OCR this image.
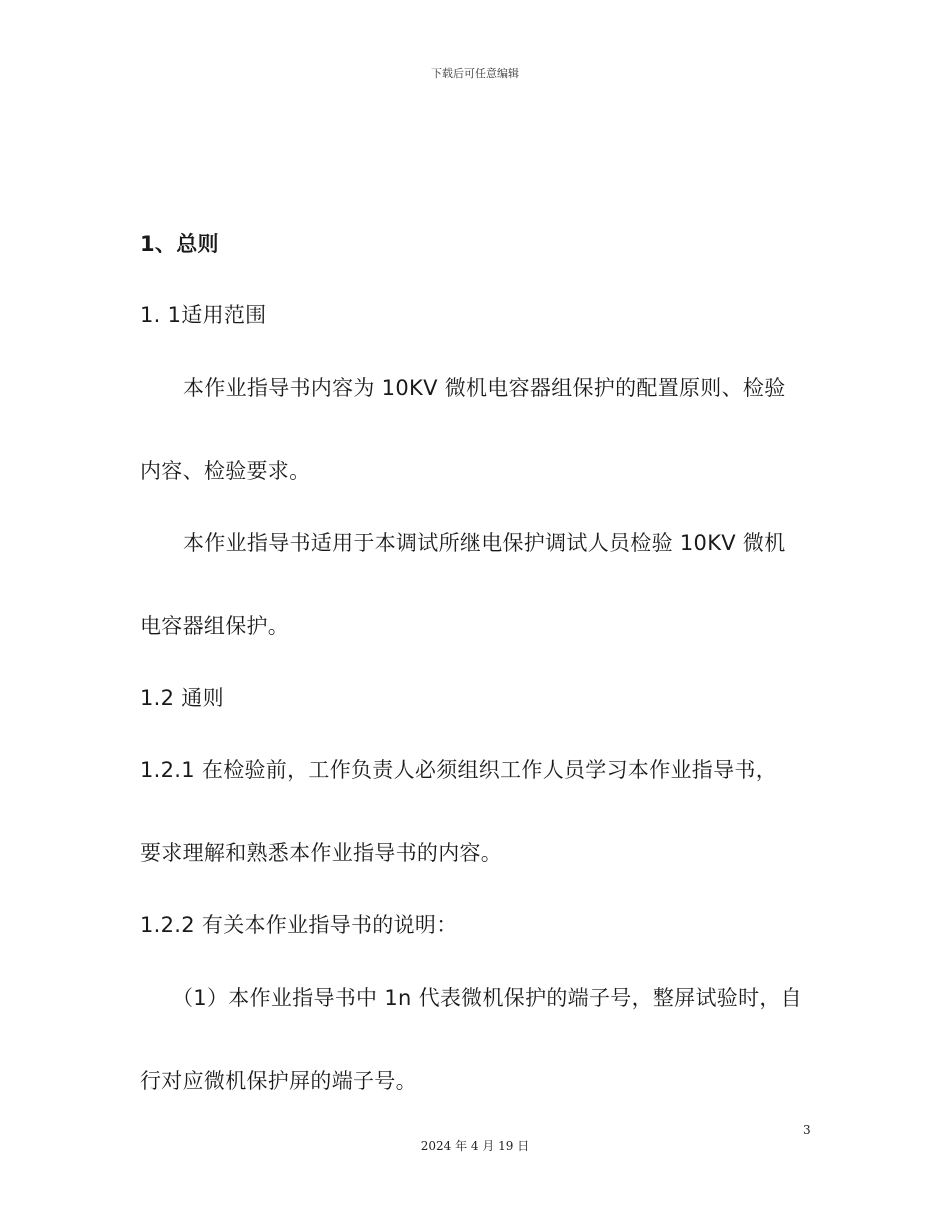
下载后可任意编辑
1、总则
1. 1适用范围
本作业指导书内容为 10KV 微机电容器组保护的配置原则、检验
内容、检验要求。
本作业指导书适用于本调试所继电保护调试人员检验 10KV 微机
电容器组保护。
1.2 通则
1.2.1 在检验前，工作负责人必须组织工作人员学习本作业指导书，
要求理解和熟悉本作业指导书的内容。
1.2.2 有关本作业指导书的说明：
（1）本作业指导书中 1n 代表微机保护的端子号，整屏试验时，自
行对应微机保护屏的端子号。
3
2024 年 4 月 19 日
